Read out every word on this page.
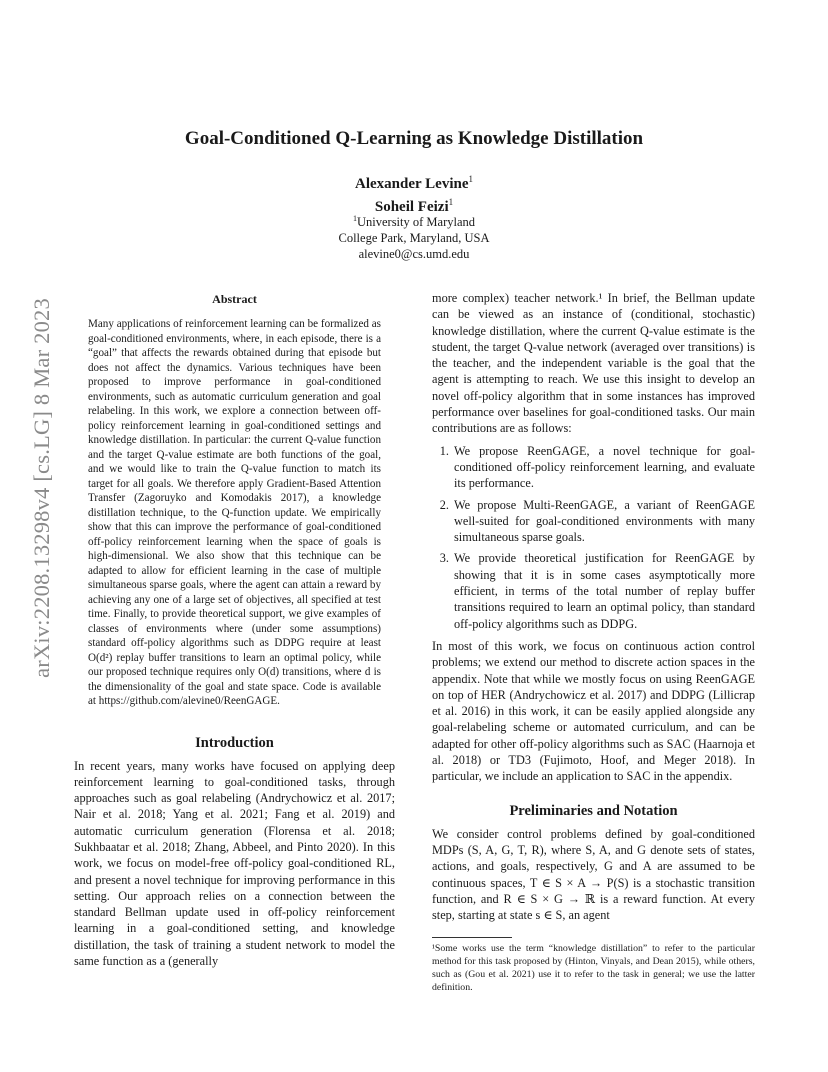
arXiv:2208.13298v4 [cs.LG] 8 Mar 2023
Goal-Conditioned Q-Learning as Knowledge Distillation
Alexander Levine$^1$
Soheil Feizi$^1$
$^1$University of Maryland
College Park, Maryland, USA
alevine0@cs.umd.edu

Abstract

Many applications of reinforcement learning can be formalized as goal-conditioned environments, where, in each episode, there is a “goal” that affects the rewards obtained during that episode but does not affect the dynamics. Various techniques have been proposed to improve performance in goal-conditioned environments, such as automatic curriculum generation and goal relabeling. In this work, we explore a connection between off-policy reinforcement learning in goal-conditioned settings and knowledge distillation. In particular: the current Q-value function and the target Q-value estimate are both functions of the goal, and we would like to train the Q-value function to match its target for all goals. We therefore apply Gradient-Based Attention Transfer (Zagoruyko and Komodakis 2017), a knowledge distillation technique, to the Q-function update. We empirically show that this can improve the performance of goal-conditioned off-policy reinforcement learning when the space of goals is high-dimensional. We also show that this technique can be adapted to allow for efficient learning in the case of multiple simultaneous sparse goals, where the agent can attain a reward by achieving any one of a large set of objectives, all specified at test time. Finally, to provide theoretical support, we give examples of classes of environments where (under some assumptions) standard off-policy algorithms such as DDPG require at least O(d²) replay buffer transitions to learn an optimal policy, while our proposed technique requires only O(d) transitions, where d is the dimensionality of the goal and state space. Code is available at https://github.com/alevine0/ReenGAGE.

Introduction

In recent years, many works have focused on applying deep reinforcement learning to goal-conditioned tasks, through approaches such as goal relabeling (Andrychowicz et al. 2017; Nair et al. 2018; Yang et al. 2021; Fang et al. 2019) and automatic curriculum generation (Florensa et al. 2018; Sukhbaatar et al. 2018; Zhang, Abbeel, and Pinto 2020). In this work, we focus on model-free off-policy goal-conditioned RL, and present a novel technique for improving performance in this setting. Our approach relies on a connection between the standard Bellman update used in off-policy reinforcement learning in a goal-conditioned setting, and knowledge distillation, the task of training a student network to model the same function as a (generally

more complex) teacher network.¹ In brief, the Bellman update can be viewed as an instance of (conditional, stochastic) knowledge distillation, where the current Q-value estimate is the student, the target Q-value network (averaged over transitions) is the teacher, and the independent variable is the goal that the agent is attempting to reach. We use this insight to develop an novel off-policy algorithm that in some instances has improved performance over baselines for goal-conditioned tasks. Our main contributions are as follows:

1. We propose ReenGAGE, a novel technique for goal-conditioned off-policy reinforcement learning, and evaluate its performance.
2. We propose Multi-ReenGAGE, a variant of ReenGAGE well-suited for goal-conditioned environments with many simultaneous sparse goals.
3. We provide theoretical justification for ReenGAGE by showing that it is in some cases asymptotically more efficient, in terms of the total number of replay buffer transitions required to learn an optimal policy, than standard off-policy algorithms such as DDPG.

In most of this work, we focus on continuous action control problems; we extend our method to discrete action spaces in the appendix. Note that while we mostly focus on using ReenGAGE on top of HER (Andrychowicz et al. 2017) and DDPG (Lillicrap et al. 2016) in this work, it can be easily applied alongside any goal-relabeling scheme or automated curriculum, and can be adapted for other off-policy algorithms such as SAC (Haarnoja et al. 2018) or TD3 (Fujimoto, Hoof, and Meger 2018). In particular, we include an application to SAC in the appendix.

Preliminaries and Notation

We consider control problems defined by goal-conditioned MDPs (S, A, G, T, R), where S, A, and G denote sets of states, actions, and goals, respectively, G and A are assumed to be continuous spaces, T ∈ S × A → P(S) is a stochastic transition function, and R ∈ S × G → ℝ is a reward function. At every step, starting at state s ∈ S, an agent

¹Some works use the term “knowledge distillation” to refer to the particular method for this task proposed by (Hinton, Vinyals, and Dean 2015), while others, such as (Gou et al. 2021) use it to refer to the task in general; we use the latter definition.
